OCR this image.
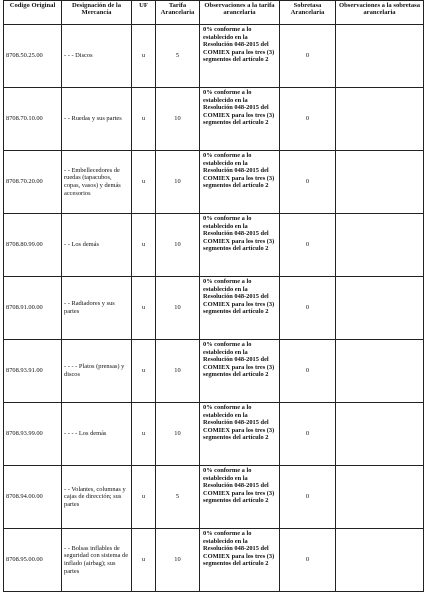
Codigo Original	Designación de la Mercancía	UF	Tarifa Arancelaria	Observaciones a la tarifa arancelaria	Sobretasa Arancelaria	Observaciones a la sobretasa arancelaria
8708.50.25.00	- - - Discos	u	5	0% conforme a lo establecido en la Resolución 048-2015 del COMIEX para los tres (3) segmentos del artículo 2	0	
8708.70.10.00	- - Ruedas y sus partes	u	10	0% conforme a lo establecido en la Resolución 048-2015 del COMIEX para los tres (3) segmentos del artículo 2	0	
8708.70.20.00	- - Embellecedores de ruedas (tapacubos, copas, vasos) y demás accesorios	u	10	0% conforme a lo establecido en la Resolución 048-2015 del COMIEX para los tres (3) segmentos del artículo 2	0	
8708.80.99.00	- - Los demás	u	10	0% conforme a lo establecido en la Resolución 048-2015 del COMIEX para los tres (3) segmentos del artículo 2	0	
8708.91.00.00	- - Radiadores y sus partes	u	10	0% conforme a lo establecido en la Resolución 048-2015 del COMIEX para los tres (3) segmentos del artículo 2	0	
8708.93.91.00	- - - - Platos (prensas) y discos	u	10	0% conforme a lo establecido en la Resolución 048-2015 del COMIEX para los tres (3) segmentos del artículo 2	0	
8708.93.99.00	- - - - Los demás	u	10	0% conforme a lo establecido en la Resolución 048-2015 del COMIEX para los tres (3) segmentos del artículo 2	0	
8708.94.00.00	- - Volantes, columnas y cajas de dirección; sus partes	u	5	0% conforme a lo establecido en la Resolución 048-2015 del COMIEX para los tres (3) segmentos del artículo 2	0	
8708.95.00.00	- - Bolsas inflables de seguridad con sistema de inflado (airbag); sus partes	u	10	0% conforme a lo establecido en la Resolución 048-2015 del COMIEX para los tres (3) segmentos del artículo 2	0	
